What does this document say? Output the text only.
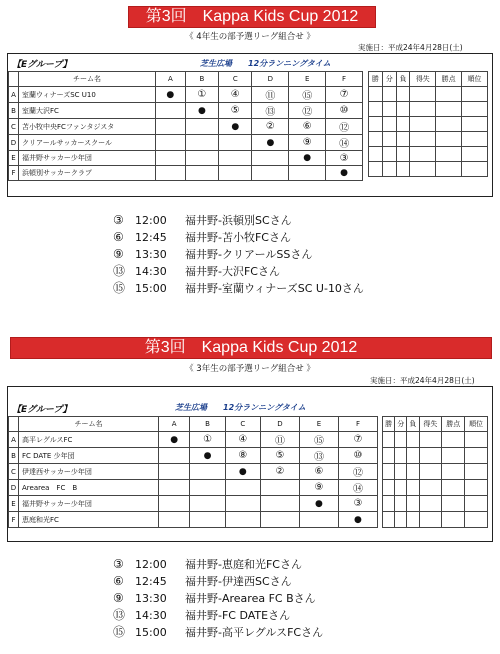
第3回　Kappa Kids Cup 2012
《 4年生の部予選リーグ組合せ 》
実施日：平成24年4月28日(土)
【Eグループ】	芝生広場　　12分ランニングタイム
	チーム名	A	B	C	D	E	F
A	室蘭ウィナーズSC U10	●	①	④	⑪	⑮	⑦
B	室蘭大沢FC		●	⑤	⑬	⑫	⑩
C	苫小牧中央FCファンタジスタ			●	②	⑥	⑫
D	クリアールサッカースクール				●	⑨	⑭
E	福井野サッカー少年団					●	③
F	浜頓別サッカークラブ						●
勝	分	負	得失	勝点	順位

③ 12:00 福井野-浜頓別SCさん
⑥ 12:45 福井野-苫小牧FCさん
⑨ 13:30 福井野-クリアールSSさん
⑬ 14:30 福井野-大沢FCさん
⑮ 15:00 福井野-室蘭ウィナーズSC U-10さん
第3回　Kappa Kids Cup 2012
《 3年生の部予選リーグ組合せ 》
実施日：平成24年4月28日(土)
【Eグループ】	芝生広場　　12分ランニングタイム
	チーム名	A	B	C	D	E	F
A	高平レグルスFC	●	①	④	⑪	⑮	⑦
B	FC DATE 少年団		●	⑧	⑤	⑬	⑩
C	伊達西サッカー少年団			●	②	⑥	⑫
D	Arearea　FC　B					⑨	⑭
E	福井野サッカー少年団					●	③
F	恵庭和光FC						●
勝	分	負	得失	勝点	順位

③ 12:00 福井野-恵庭和光FCさん
⑥ 12:45 福井野-伊達西SCさん
⑨ 13:30 福井野-Arearea FC Bさん
⑬ 14:30 福井野-FC DATEさん
⑮ 15:00 福井野-高平レグルスFCさん
